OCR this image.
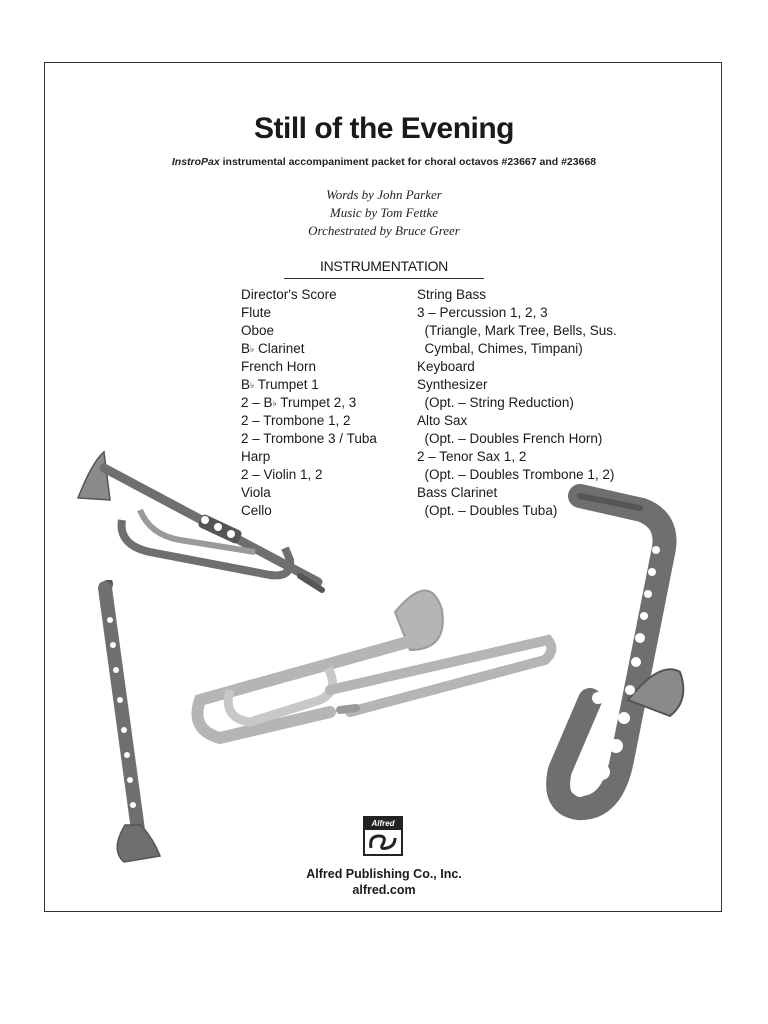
Still of the Evening
InstroPax instrumental accompaniment packet for choral octavos #23667 and #23668
Words by John Parker
Music by Tom Fettke
Orchestrated by Bruce Greer
INSTRUMENTATION
Director's Score
Flute
Oboe
B♭ Clarinet
French Horn
B♭ Trumpet 1
2 – B♭ Trumpet 2, 3
2 – Trombone 1, 2
2 – Trombone 3 / Tuba
Harp
2 – Violin 1, 2
Viola
Cello
String Bass
3 – Percussion 1, 2, 3
(Triangle, Mark Tree, Bells, Sus.
Cymbal, Chimes, Timpani)
Keyboard
Synthesizer
(Opt. – String Reduction)
Alto Sax
(Opt. – Doubles French Horn)
2 – Tenor Sax 1, 2
(Opt. – Doubles Trombone 1, 2)
Bass Clarinet
(Opt. – Doubles Tuba)
Alfred
Alfred Publishing Co., Inc.
alfred.com
